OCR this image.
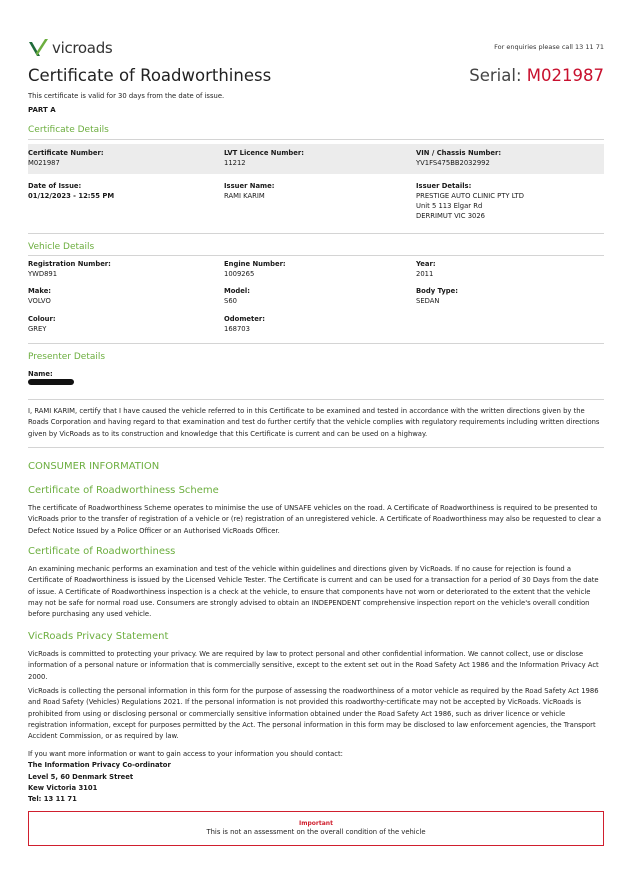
vicroads	For enquiries please call 13 11 71
Certificate of Roadworthiness	Serial: M021987
This certificate is valid for 30 days from the date of issue.
PART A
Certificate Details
Certificate Number:
M021987
LVT Licence Number:
11212
VIN / Chassis Number:
YV1FS475BB2032992
Date of Issue:
01/12/2023 - 12:55 PM
Issuer Name:
RAMI KARIM
Issuer Details:
PRESTIGE AUTO CLINIC PTY LTD
Unit 5 113 Elgar Rd
DERRIMUT VIC 3026
Vehicle Details
Registration Number:
YWD891
Engine Number:
1009265
Year:
2011
Make:
VOLVO
Model:
S60
Body Type:
SEDAN
Colour:
GREY
Odometer:
168703
Presenter Details
Name:
I, RAMI KARIM, certify that I have caused the vehicle referred to in this Certificate to be examined and tested in accordance with the written directions given by the Roads Corporation and having regard to that examination and test do further certify that the vehicle complies with regulatory requirements including written directions given by VicRoads as to its construction and knowledge that this Certificate is current and can be used on a highway.
CONSUMER INFORMATION
Certificate of Roadworthiness Scheme
The certificate of Roadworthiness Scheme operates to minimise the use of UNSAFE vehicles on the road. A Certificate of Roadworthiness is required to be presented to VicRoads prior to the transfer of registration of a vehicle or (re) registration of an unregistered vehicle. A Certificate of Roadworthiness may also be requested to clear a Defect Notice Issued by a Police Officer or an Authorised VicRoads Officer.
Certificate of Roadworthiness
An examining mechanic performs an examination and test of the vehicle within guidelines and directions given by VicRoads. If no cause for rejection is found a Certificate of Roadworthiness is issued by the Licensed Vehicle Tester. The Certificate is current and can be used for a transaction for a period of 30 Days from the date of issue. A Certificate of Roadworthiness inspection is a check at the vehicle, to ensure that components have not worn or deteriorated to the extent that the vehicle may not be safe for normal road use. Consumers are strongly advised to obtain an INDEPENDENT comprehensive inspection report on the vehicle's overall condition before purchasing any used vehicle.
VicRoads Privacy Statement
VicRoads is committed to protecting your privacy. We are required by law to protect personal and other confidential information. We cannot collect, use or disclose information of a personal nature or information that is commercially sensitive, except to the extent set out in the Road Safety Act 1986 and the Information Privacy Act 2000.
VicRoads is collecting the personal information in this form for the purpose of assessing the roadworthiness of a motor vehicle as required by the Road Safety Act 1986 and Road Safety (Vehicles) Regulations 2021. If the personal information is not provided this roadworthy-certificate may not be accepted by VicRoads. VicRoads is prohibited from using or disclosing personal or commercially sensitive information obtained under the Road Safety Act 1986, such as driver licence or vehicle registration information, except for purposes permitted by the Act. The personal information in this form may be disclosed to law enforcement agencies, the Transport Accident Commission, or as required by law.
If you want more information or want to gain access to your information you should contact:
The Information Privacy Co-ordinator
Level 5, 60 Denmark Street
Kew Victoria 3101
Tel: 13 11 71
Important
This is not an assessment on the overall condition of the vehicle
